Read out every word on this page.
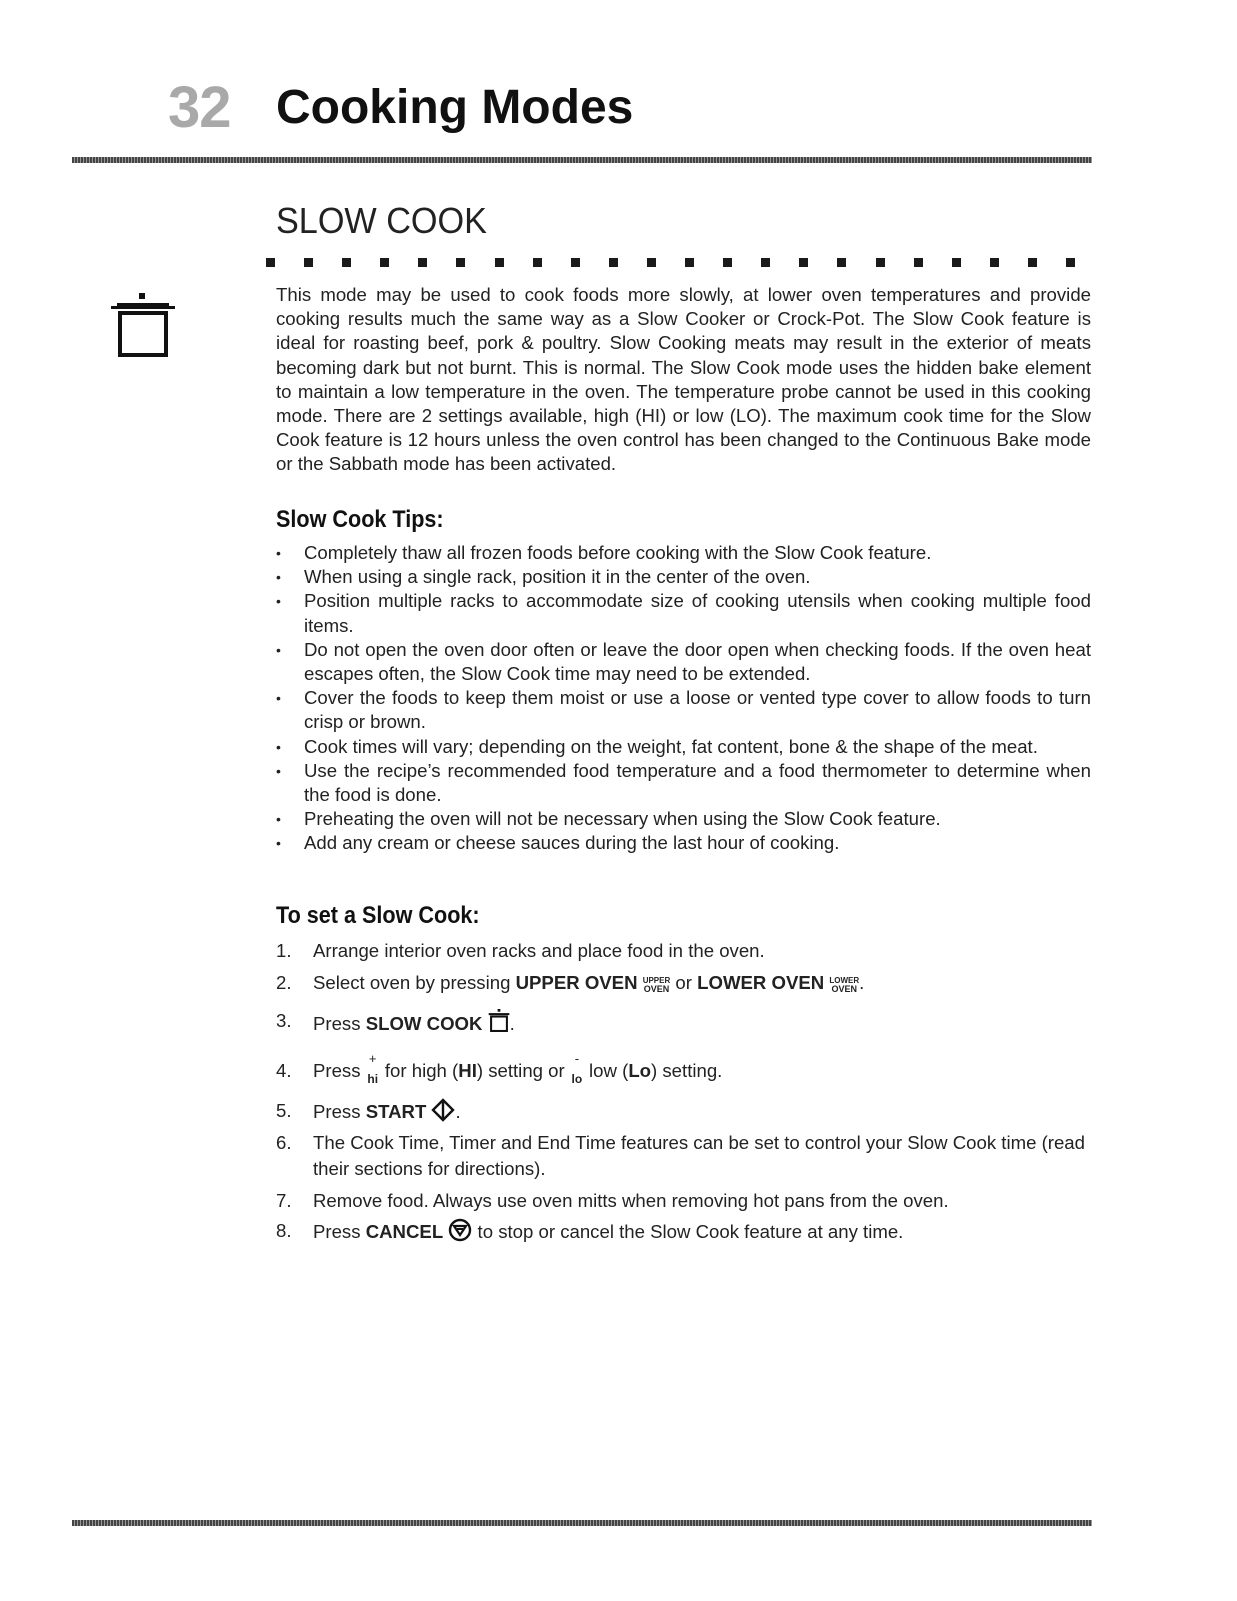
32 Cooking Modes
SLOW COOK
This mode may be used to cook foods more slowly, at lower oven temperatures and provide cooking results much the same way as a Slow Cooker or Crock-Pot. The Slow Cook feature is ideal for roasting beef, pork & poultry. Slow Cooking meats may result in the exterior of meats becoming dark but not burnt. This is normal. The Slow Cook mode uses the hidden bake element to maintain a low temperature in the oven. The temperature probe cannot be used in this cooking mode. There are 2 settings available, high (HI) or low (LO). The maximum cook time for the Slow Cook feature is 12 hours unless the oven control has been changed to the Continuous Bake mode or the Sabbath mode has been activated.
Slow Cook Tips:
• Completely thaw all frozen foods before cooking with the Slow Cook feature.
• When using a single rack, position it in the center of the oven.
• Position multiple racks to accommodate size of cooking utensils when cooking multiple food items.
• Do not open the oven door often or leave the door open when checking foods. If the oven heat escapes often, the Slow Cook time may need to be extended.
• Cover the foods to keep them moist or use a loose or vented type cover to allow foods to turn crisp or brown.
• Cook times will vary; depending on the weight, fat content, bone & the shape of the meat.
• Use the recipe’s recommended food temperature and a food thermometer to determine when the food is done.
• Preheating the oven will not be necessary when using the Slow Cook feature.
• Add any cream or cheese sauces during the last hour of cooking.
To set a Slow Cook:
1. Arrange interior oven racks and place food in the oven.
2. Select oven by pressing UPPER OVEN UPPER
OVEN or LOWER OVEN LOWER
OVEN .
3. Press SLOW COOK .
4. Press
+
hi for high (HI) setting or
-
lo low (Lo) setting.
5. Press START .
6. The Cook Time, Timer and End Time features can be set to control your Slow Cook time (read their sections for directions).
7. Remove food. Always use oven mitts when removing hot pans from the oven.
8. Press CANCEL  to stop or cancel the Slow Cook feature at any time.
